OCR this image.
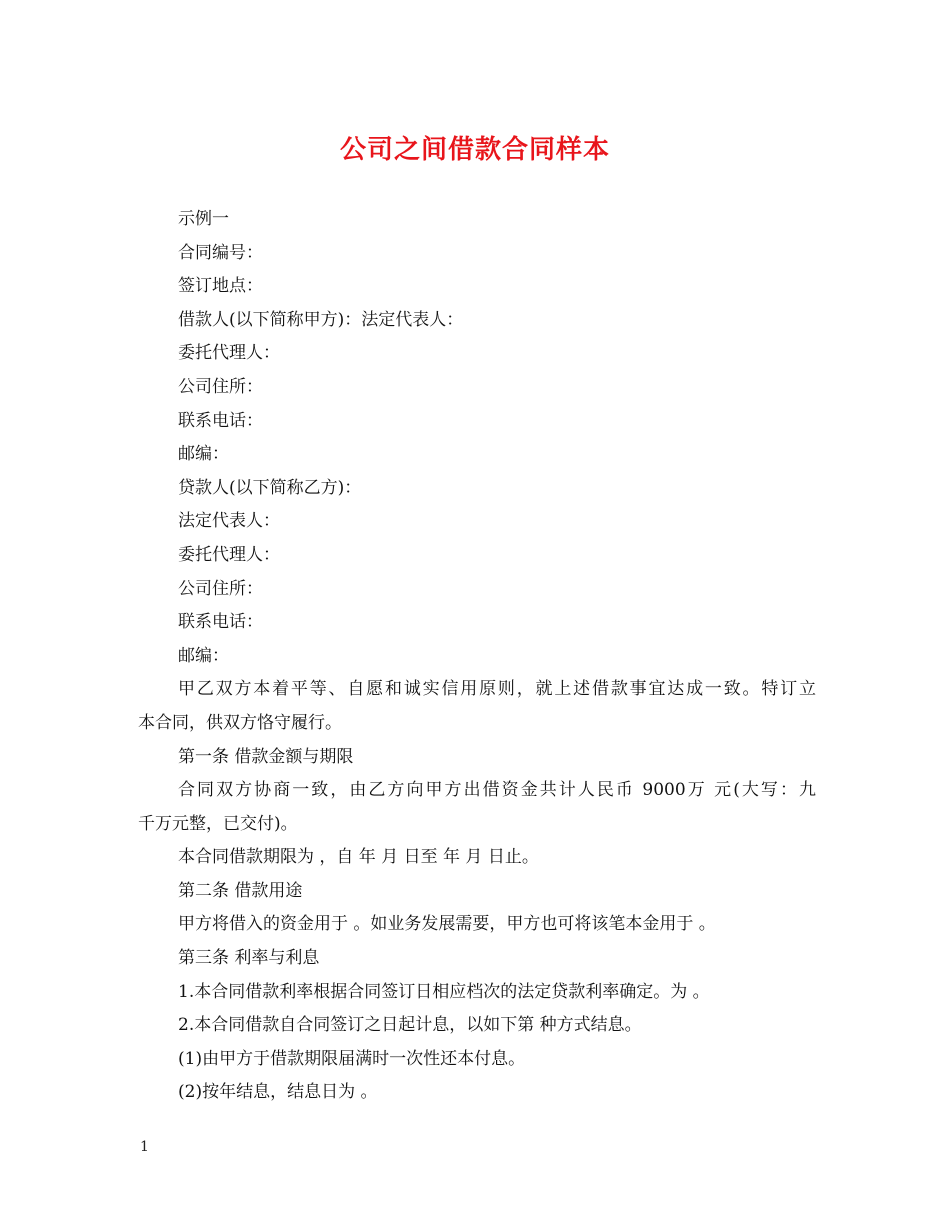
公司之间借款合同样本

示例一

合同编号：

签订地点：

借款人(以下简称甲方)：法定代表人：

委托代理人：

公司住所：

联系电话：

邮编：

贷款人(以下简称乙方)：

法定代表人：

委托代理人：

公司住所：

联系电话：

邮编：

甲乙双方本着平等、自愿和诚实信用原则，就上述借款事宜达成一致。特订立

本合同，供双方恪守履行。

第一条 借款金额与期限

合同双方协商一致，由乙方向甲方出借资金共计人民币 9000万 元(大写：九

千万元整，已交付)。

本合同借款期限为 ，自 年 月 日至 年 月 日止。

第二条 借款用途

甲方将借入的资金用于 。如业务发展需要，甲方也可将该笔本金用于 。

第三条 利率与利息

1.本合同借款利率根据合同签订日相应档次的法定贷款利率确定。为 。

2.本合同借款自合同签订之日起计息，以如下第 种方式结息。

(1)由甲方于借款期限届满时一次性还本付息。

(2)按年结息，结息日为 。

1
